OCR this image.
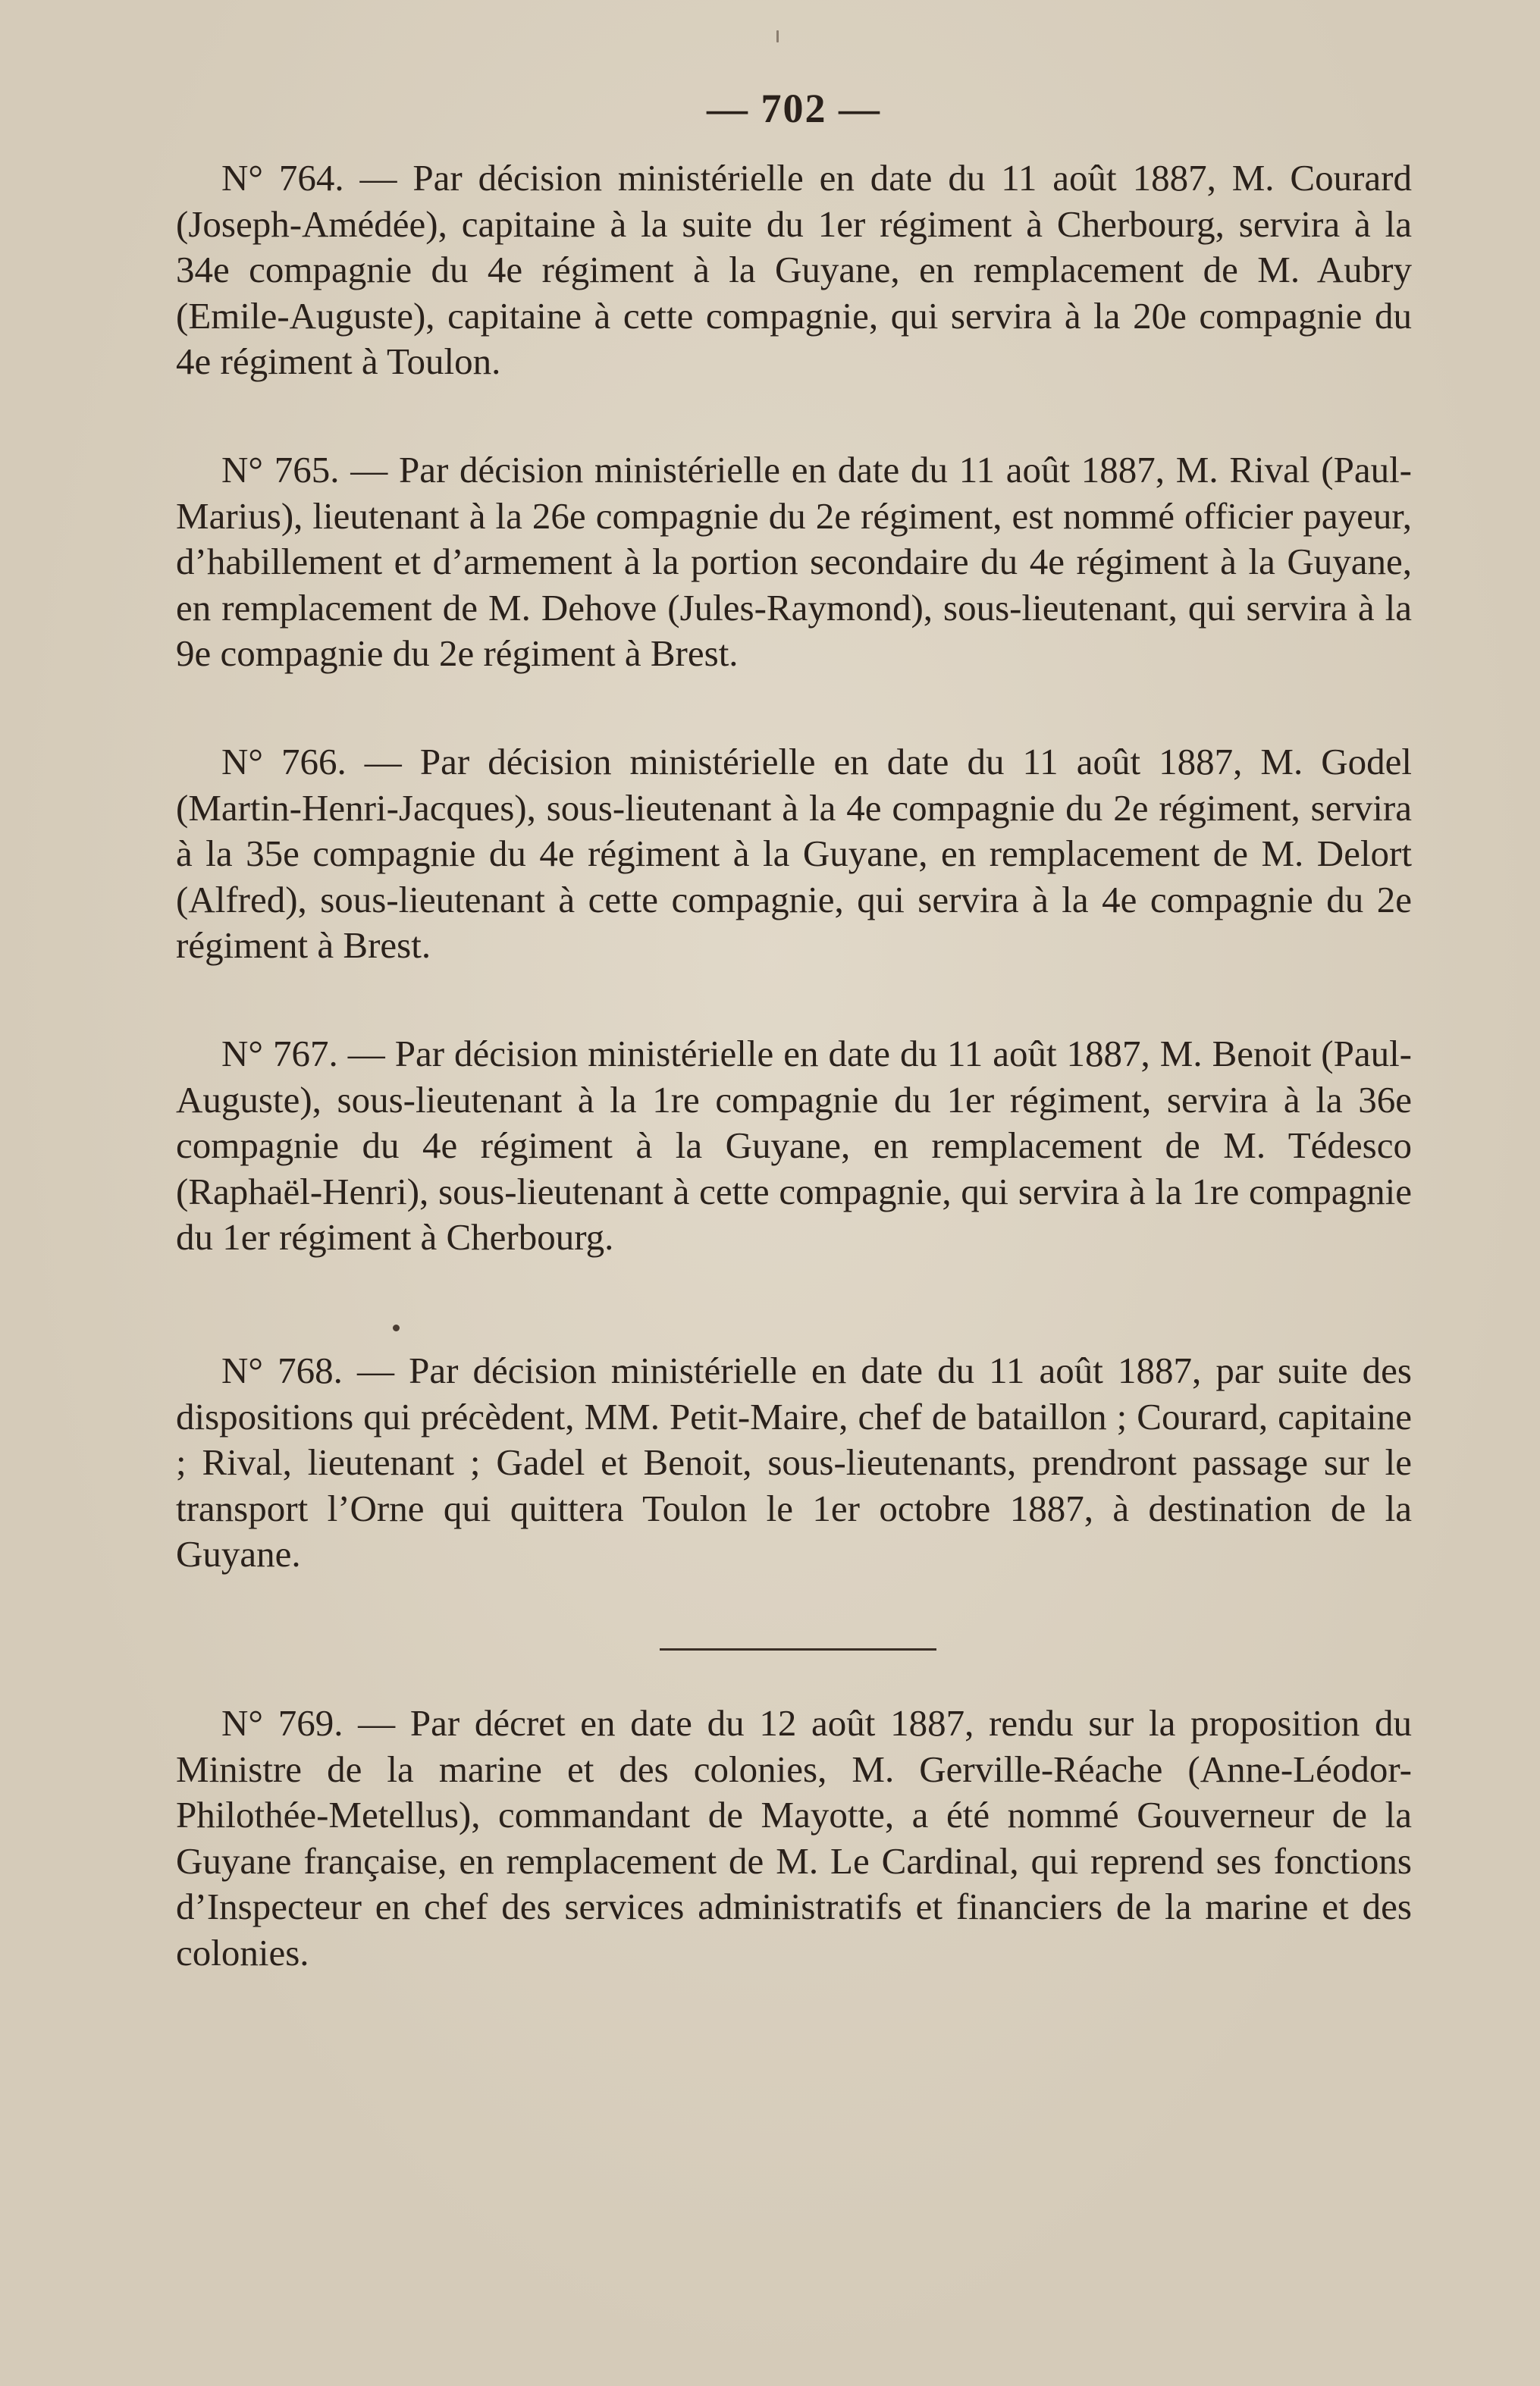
— 702 —

N° 764. — Par décision ministérielle en date du 11 août 1887, M. Courard (Joseph-Amédée), capitaine à la suite du 1er régiment à Cherbourg, servira à la 34e compagnie du 4e régiment à la Guyane, en remplacement de M. Aubry (Emile-Auguste), capitaine à cette compagnie, qui servira à la 20e compagnie du 4e régiment à Toulon.

N° 765. — Par décision ministérielle en date du 11 août 1887, M. Rival (Paul-Marius), lieutenant à la 26e compagnie du 2e régiment, est nommé officier payeur, d’habillement et d’armement à la portion secondaire du 4e régiment à la Guyane, en remplacement de M. Dehove (Jules-Raymond), sous-lieutenant, qui servira à la 9e compagnie du 2e régiment à Brest.

N° 766. — Par décision ministérielle en date du 11 août 1887, M. Godel (Martin-Henri-Jacques), sous-lieutenant à la 4e compagnie du 2e régiment, servira à la 35e compagnie du 4e régiment à la Guyane, en remplacement de M. Delort (Alfred), sous-lieutenant à cette compagnie, qui servira à la 4e compagnie du 2e régiment à Brest.

N° 767. — Par décision ministérielle en date du 11 août 1887, M. Benoit (Paul-Auguste), sous-lieutenant à la 1re compagnie du 1er régiment, servira à la 36e compagnie du 4e régiment à la Guyane, en remplacement de M. Tédesco (Raphaël-Henri), sous-lieutenant à cette compagnie, qui servira à la 1re compagnie du 1er régiment à Cherbourg.

N° 768. — Par décision ministérielle en date du 11 août 1887, par suite des dispositions qui précèdent, MM. Petit-Maire, chef de bataillon ; Courard, capitaine ; Rival, lieutenant ; Gadel et Benoit, sous-lieutenants, prendront passage sur le transport l’Orne qui quittera Toulon le 1er octobre 1887, à destination de la Guyane.

N° 769. — Par décret en date du 12 août 1887, rendu sur la proposition du Ministre de la marine et des colonies, M. Gerville-Réache (Anne-Léodor-Philothée-Metellus), commandant de Mayotte, a été nommé Gouverneur de la Guyane française, en remplacement de M. Le Cardinal, qui reprend ses fonctions d’Inspecteur en chef des services administratifs et financiers de la marine et des colonies.
